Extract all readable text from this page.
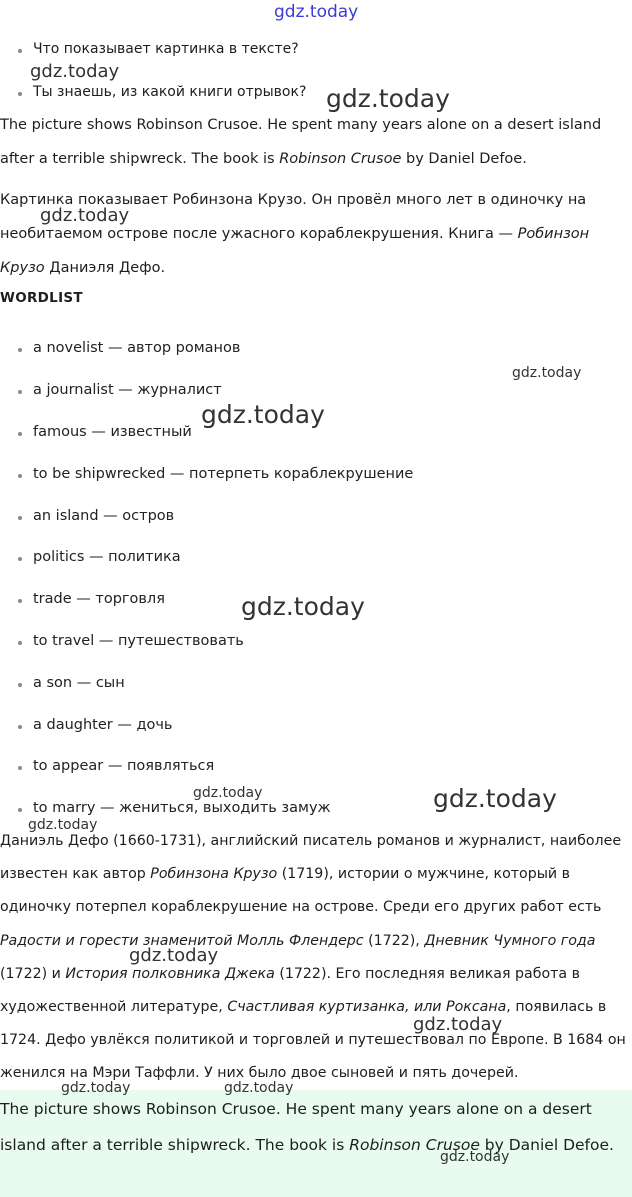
gdz.today
Что показывает картинка в тексте?
Ты знаешь, из какой книги отрывок?
The picture shows Robinson Crusoe. He spent many years alone on a desert island after a terrible shipwreck. The book is Robinson Crusoe by Daniel Defoe.
Картинка показывает Робинзона Крузо. Он провёл много лет в одиночку на необитаемом острове после ужасного кораблекрушения. Книга — Робинзон Крузо Даниэля Дефо.
WORDLIST
a novelist — автор романов
a journalist — журналист
famous — известный
to be shipwrecked — потерпеть кораблекрушение
an island — остров
politics — политика
trade — торговля
to travel — путешествовать
a son — сын
a daughter — дочь
to appear — появляться
to marry — жениться, выходить замуж
Даниэль Дефо (1660-1731), английский писатель романов и журналист, наиболее известен как автор Робинзона Крузо (1719), истории о мужчине, который в одиночку потерпел кораблекрушение на острове. Среди его других работ есть Радости и горести знаменитой Молль Флендерс (1722), Дневник Чумного года (1722) и История полковника Джека (1722). Его последняя великая работа в художественной литературе, Счастливая куртизанка, или Роксана, появилась в 1724. Дефо увлёкся политикой и торговлей и путешествовал по Европе. В 1684 он женился на Мэри Таффли. У них было двое сыновей и пять дочерей.
The picture shows Robinson Crusoe. He spent many years alone on a desert island after a terrible shipwreck. The book is Robinson Crusoe by Daniel Defoe.
gdz.today
gdz.today
gdz.today
gdz.today
gdz.today
gdz.today
gdz.today	gdz.today
gdz.today
gdz.today
gdz.today
gdz.today	gdz.today
gdz.today
